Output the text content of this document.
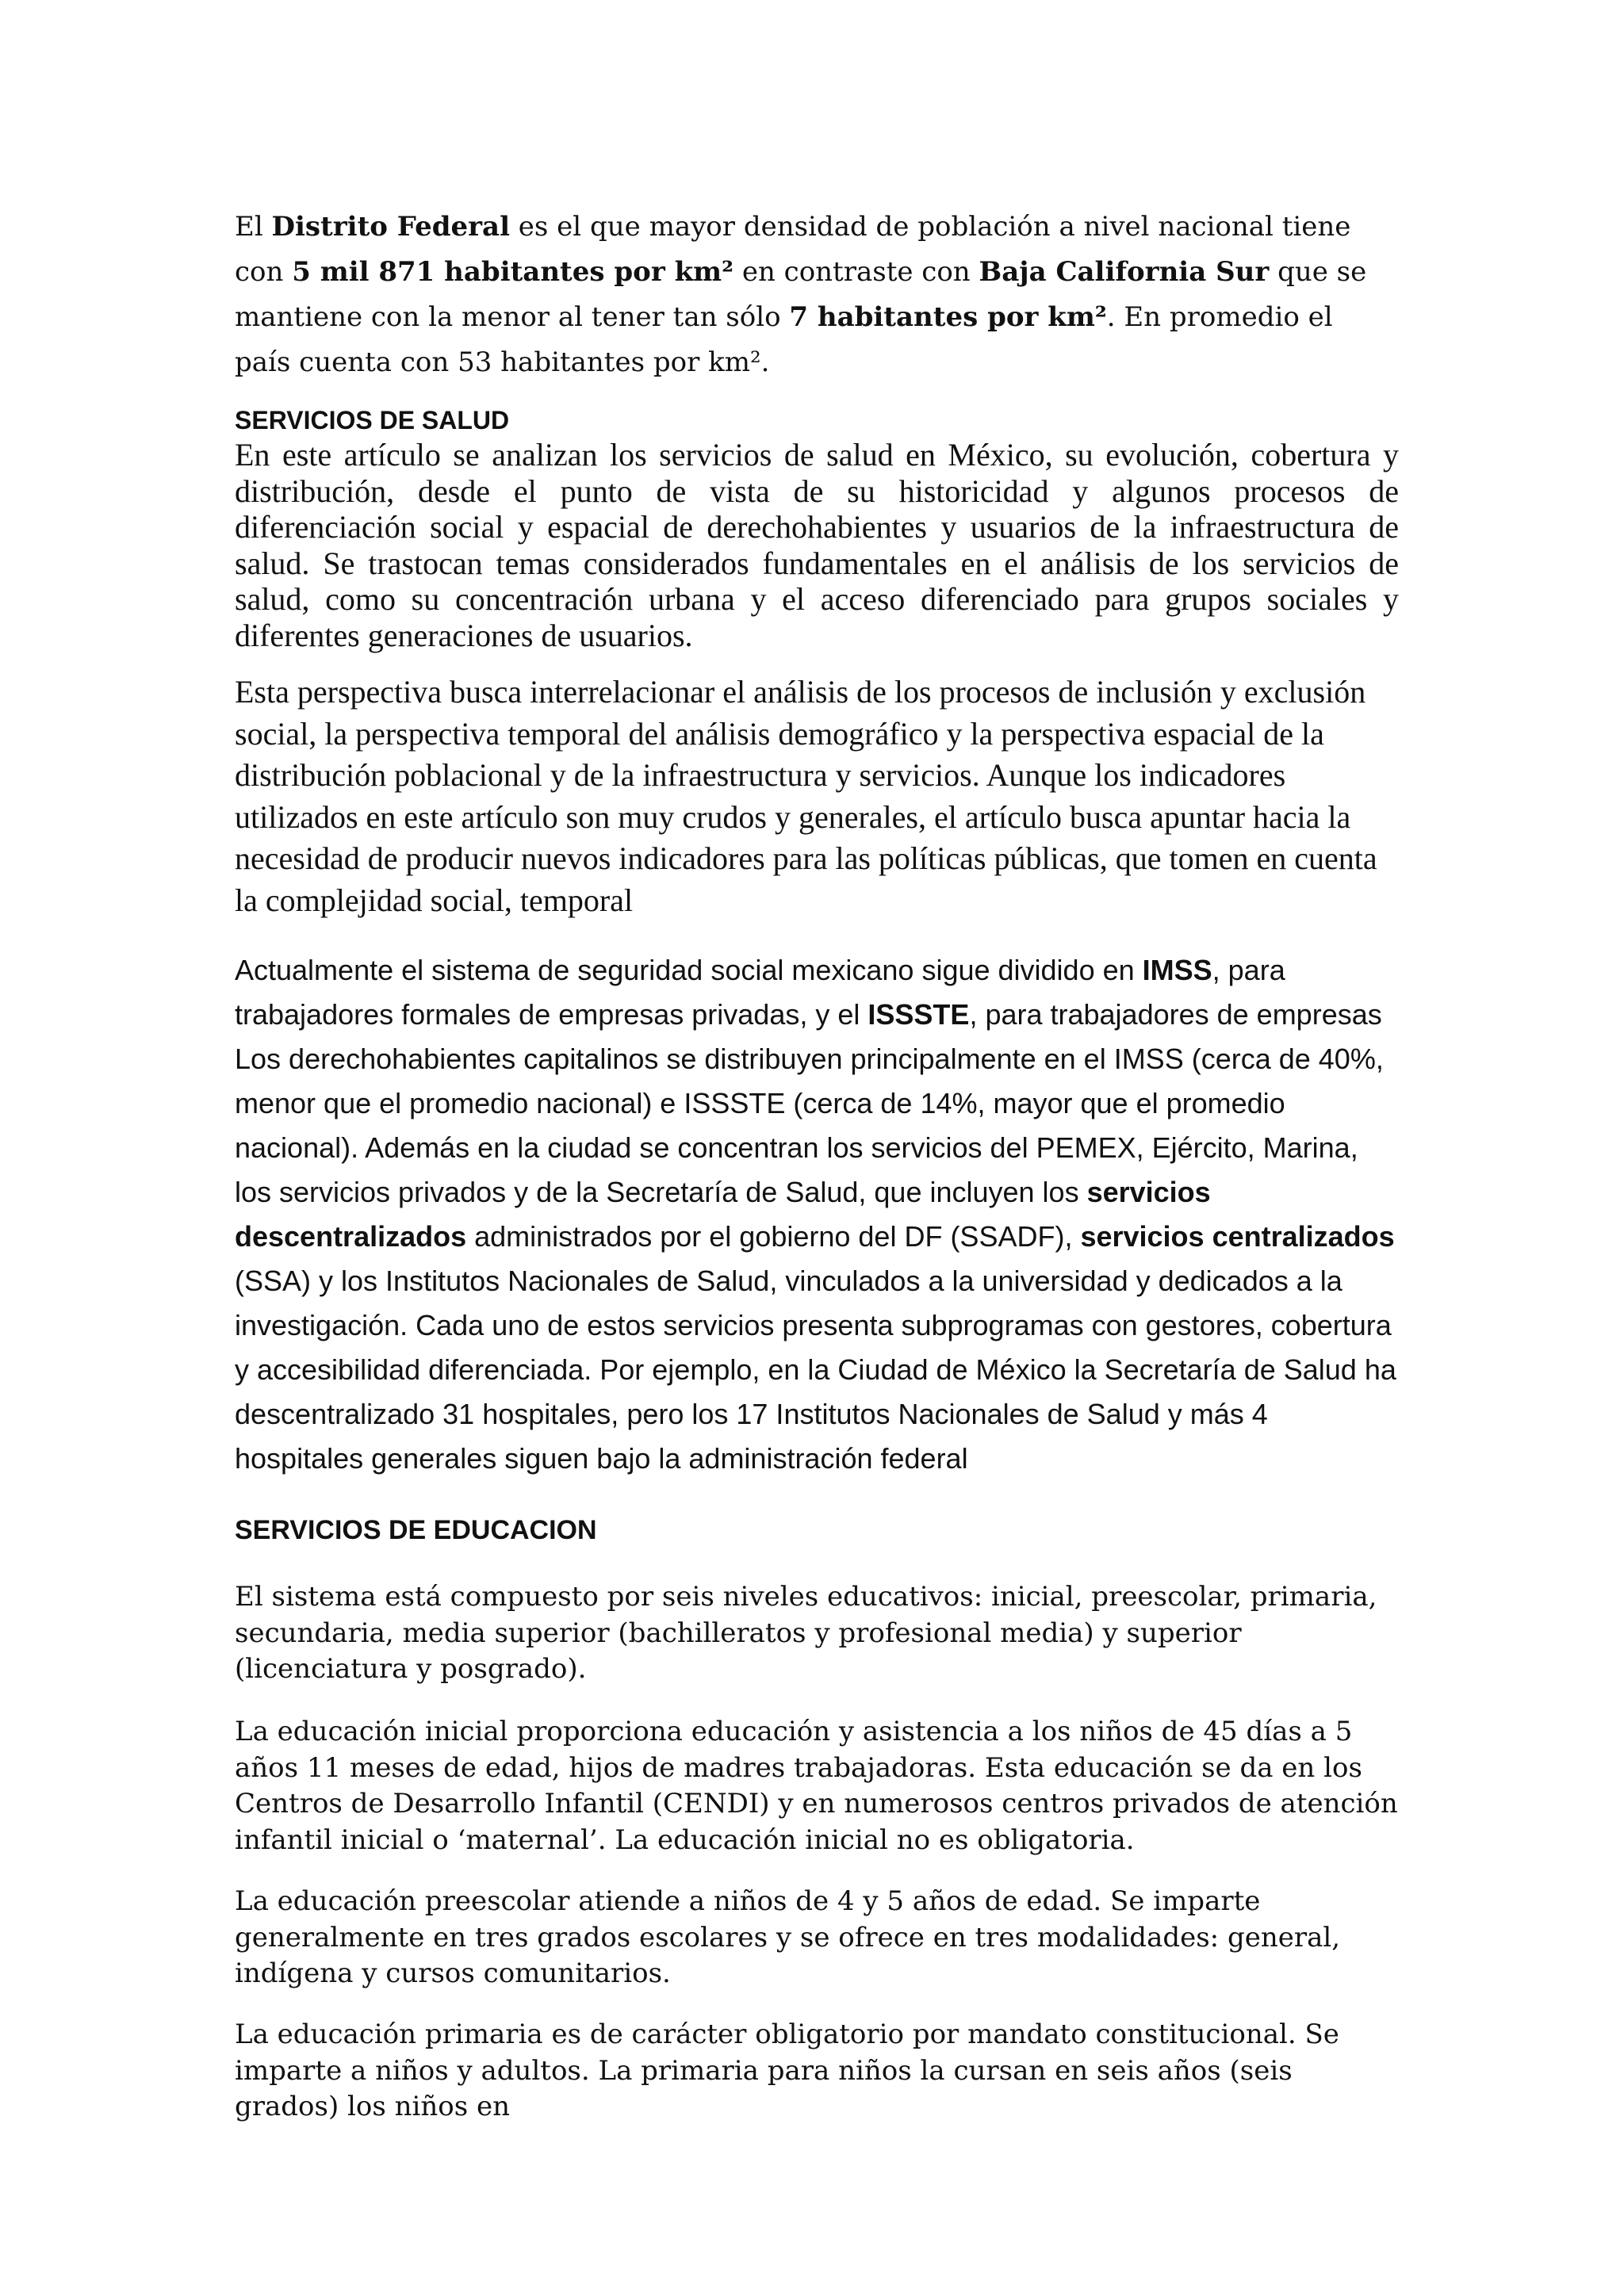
El Distrito Federal es el que mayor densidad de población a nivel nacional tiene con 5 mil 871 habitantes por km² en contraste con Baja California Sur que se mantiene con la menor al tener tan sólo 7 habitantes por km². En promedio el país cuenta con 53 habitantes por km².

SERVICIOS DE SALUD

En este artículo se analizan los servicios de salud en México, su evolución, cobertura y distribución, desde el punto de vista de su historicidad y algunos procesos de diferenciación social y espacial de derechohabientes y usuarios de la infraestructura de salud. Se trastocan temas considerados fundamentales en el análisis de los servicios de salud, como su concentración urbana y el acceso diferenciado para grupos sociales y diferentes generaciones de usuarios.

Esta perspectiva busca interrelacionar el análisis de los procesos de inclusión y exclusión social, la perspectiva temporal del análisis demográfico y la perspectiva espacial de la distribución poblacional y de la infraestructura y servicios. Aunque los indicadores utilizados en este artículo son muy crudos y generales, el artículo busca apuntar hacia la necesidad de producir nuevos indicadores para las políticas públicas, que tomen en cuenta la complejidad social, temporal

Actualmente el sistema de seguridad social mexicano sigue dividido en IMSS, para trabajadores formales de empresas privadas, y el ISSSTE, para trabajadores de empresas Los derechohabientes capitalinos se distribuyen principalmente en el IMSS (cerca de 40%, menor que el promedio nacional) e ISSSTE (cerca de 14%, mayor que el promedio nacional). Además en la ciudad se concentran los servicios del PEMEX, Ejército, Marina, los servicios privados y de la Secretaría de Salud, que incluyen los servicios descentralizados administrados por el gobierno del DF (SSADF), servicios centralizados (SSA) y los Institutos Nacionales de Salud, vinculados a la universidad y dedicados a la investigación. Cada uno de estos servicios presenta subprogramas con gestores, cobertura y accesibilidad diferenciada. Por ejemplo, en la Ciudad de México la Secretaría de Salud ha descentralizado 31 hospitales, pero los 17 Institutos Nacionales de Salud y más 4 hospitales generales siguen bajo la administración federal

SERVICIOS DE EDUCACION

El sistema está compuesto por seis niveles educativos: inicial, preescolar, primaria, secundaria, media superior (bachilleratos y profesional media) y superior (licenciatura y posgrado).

La educación inicial proporciona educación y asistencia a los niños de 45 días a 5 años 11 meses de edad, hijos de madres trabajadoras. Esta educación se da en los Centros de Desarrollo Infantil (CENDI) y en numerosos centros privados de atención infantil inicial o ‘maternal’. La educación inicial no es obligatoria.

La educación preescolar atiende a niños de 4 y 5 años de edad. Se imparte generalmente en tres grados escolares y se ofrece en tres modalidades: general, indígena y cursos comunitarios.

La educación primaria es de carácter obligatorio por mandato constitucional. Se imparte a niños y adultos. La primaria para niños la cursan en seis años (seis grados) los niños en
